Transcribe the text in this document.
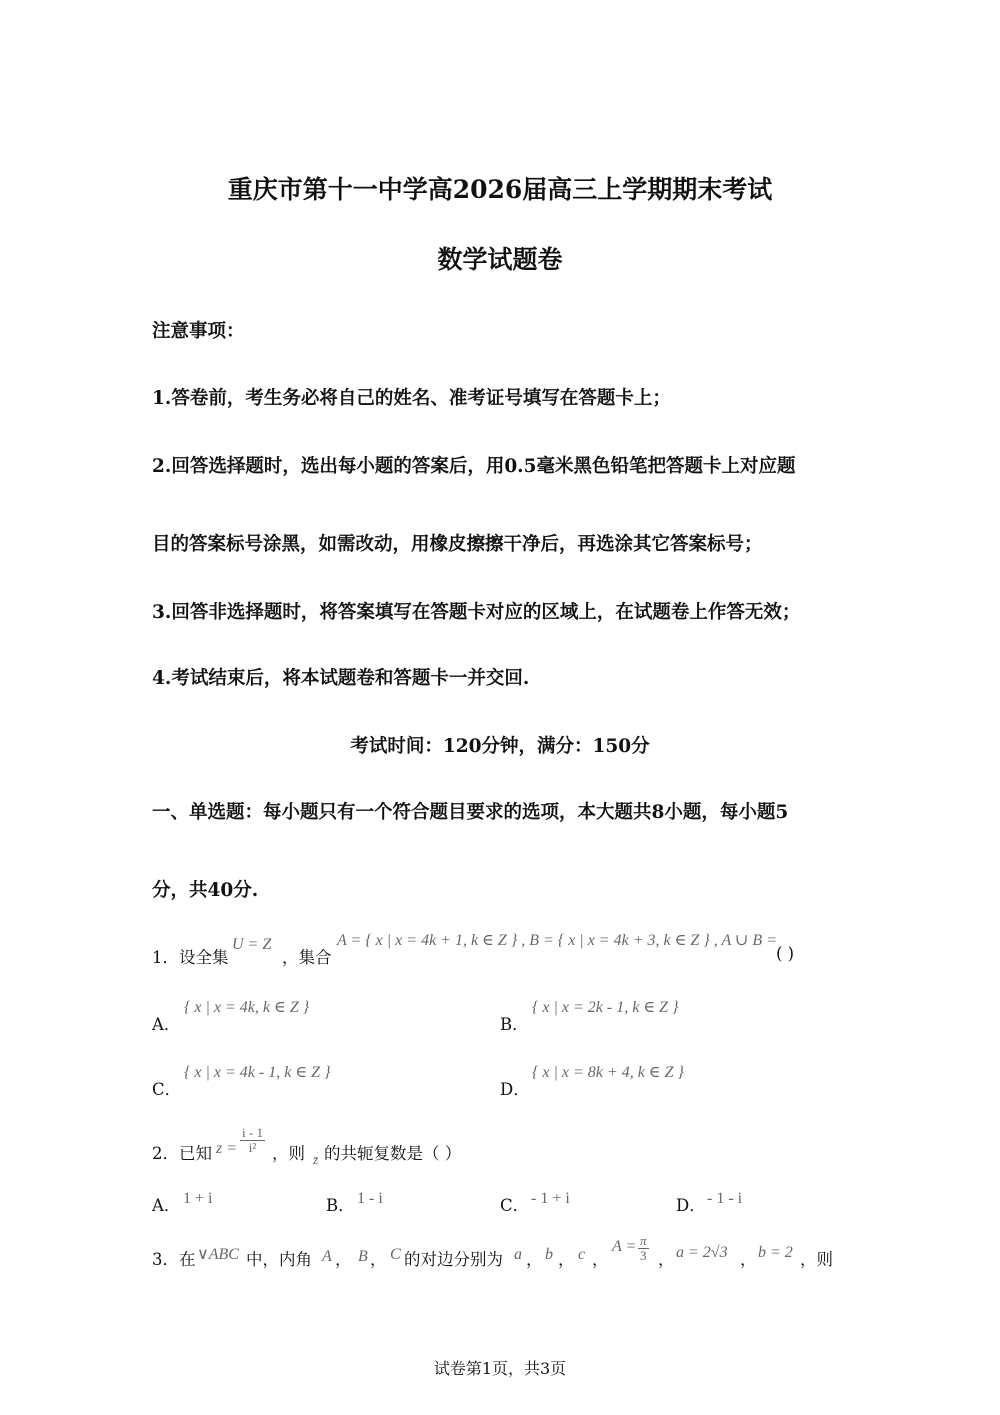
重庆市第十一中学高2026届高三上学期期末考试
数学试题卷
注意事项：
1.答卷前，考生务必将自己的姓名、准考证号填写在答题卡上；
2.回答选择题时，选出每小题的答案后，用0.5毫米黑色铅笔把答题卡上对应题
目的答案标号涂黑，如需改动，用橡皮擦擦干净后，再选涂其它答案标号；
3.回答非选择题时，将答案填写在答题卡对应的区域上，在试题卷上作答无效；
4.考试结束后，将本试题卷和答题卡一并交回.
考试时间：120分钟，满分：150分
一、单选题：每小题只有一个符合题目要求的选项，本大题共8小题，每小题5
分，共40分.
1．设全集
U = Z
，集合
A = { x | x = 4k + 1, k ∈ Z } , B = { x | x = 4k + 3, k ∈ Z } , A ∪ B =
( )
A．
{ x | x = 4k, k ∈ Z }
B．
{ x | x = 2k - 1, k ∈ Z }
C．
{ x | x = 4k - 1, k ∈ Z }
D．
{ x | x = 8k + 4, k ∈ Z }
2．已知 $z = \frac{i - 1}{\text{i²}}$ ，则 z̄ 的共轭复数是（ ）
A． 1 + i	B． 1 - i	C． - 1 + i	D． - 1 - i
3．在 ∨ABC 中，内角 A ， B ， C 的对边分别为 a ， b ， c ，
$A = \frac{\pi}{3}$ ， a = 2√3 ， b = 2 ，则
试卷第1页，共3页
